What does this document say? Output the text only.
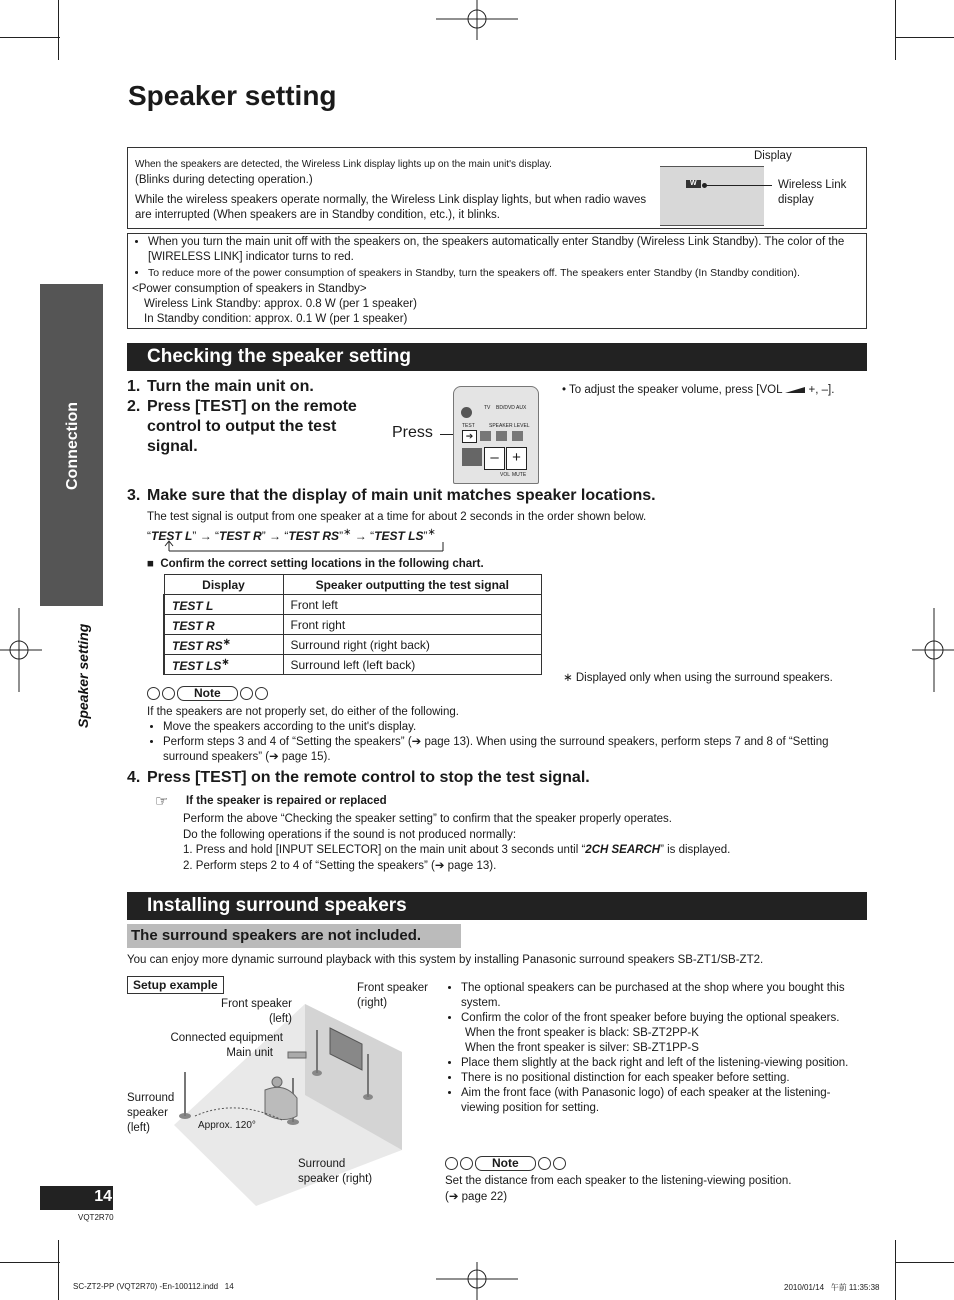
Connection
Speaker setting
Speaker setting
When the speakers are detected, the Wireless Link display lights up on the main unit's display.
(Blinks during detecting operation.)
While the wireless speakers operate normally, the Wireless Link display lights, but when radio waves are interrupted (When speakers are in Standby condition, etc.), it blinks.
Display
W	Wireless Link display
• When you turn the main unit off with the speakers on, the speakers automatically enter Standby (Wireless Link Standby). The color of the [WIRELESS LINK] indicator turns to red.
• To reduce more of the power consumption of speakers in Standby, turn the speakers off. The speakers enter Standby (In Standby condition).
<Power consumption of speakers in Standby>
Wireless Link Standby: approx. 0.8 W (per 1 speaker)
In Standby condition: approx. 0.1 W (per 1 speaker)
Checking the speaker setting
1. Turn the main unit on.
2. Press [TEST] on the remote control to output the test signal.
Press
TV BD/DVD AUX
TEST	SPEAKER LEVEL
➔
– +
VOL MUTE
• To adjust the speaker volume, press [VOL +, –].
3. Make sure that the display of main unit matches speaker locations.
The test signal is output from one speaker at a time for about 2 seconds in the order shown below.
“TEST L” → “TEST R” → “TEST RS”∗ → “TEST LS”∗
■  Confirm the correct setting locations in the following chart.
Display	Speaker outputting the test signal
TEST L	Front left
TEST R	Front right
TEST RS∗	Surround right (right back)
TEST LS∗	Surround left (left back)
∗ Displayed only when using the surround speakers.
Note
If the speakers are not properly set, do either of the following.
• Move the speakers according to the unit's display.
• Perform steps 3 and 4 of “Setting the speakers” (➔ page 13). When using the surround speakers, perform steps 7 and 8 of “Setting surround speakers” (➔ page 15).
4. Press [TEST] on the remote control to stop the test signal.
☞ If the speaker is repaired or replaced
Perform the above “Checking the speaker setting” to confirm that the speaker properly operates.
Do the following operations if the sound is not produced normally:
1. Press and hold [INPUT SELECTOR] on the main unit about 3 seconds until “2CH SEARCH” is displayed.
2. Perform steps 2 to 4 of “Setting the speakers” (➔ page 13).
Installing surround speakers
The surround speakers are not included.
You can enjoy more dynamic surround playback with this system by installing Panasonic surround speakers SB-ZT1/SB-ZT2.
Setup example
Front speaker (left)
Front speaker (right)
Connected equipment
Main unit
Surround speaker (left)
Surround speaker (right)
Approx. 120°
• The optional speakers can be purchased at the shop where you bought this system.
• Confirm the color of the front speaker before buying the optional speakers.
When the front speaker is black: SB-ZT2PP-K
When the front speaker is silver: SB-ZT1PP-S
• Place them slightly at the back right and left of the listening-viewing position.
• There is no positional distinction for each speaker before setting.
• Aim the front face (with Panasonic logo) of each speaker at the listening-viewing position for setting.
Note
Set the distance from each speaker to the listening-viewing position.
(➔ page 22)
14
VQT2R70
SC-ZT2-PP (VQT2R70) -En-100112.indd   14	2010/01/14   午前 11:35:38
